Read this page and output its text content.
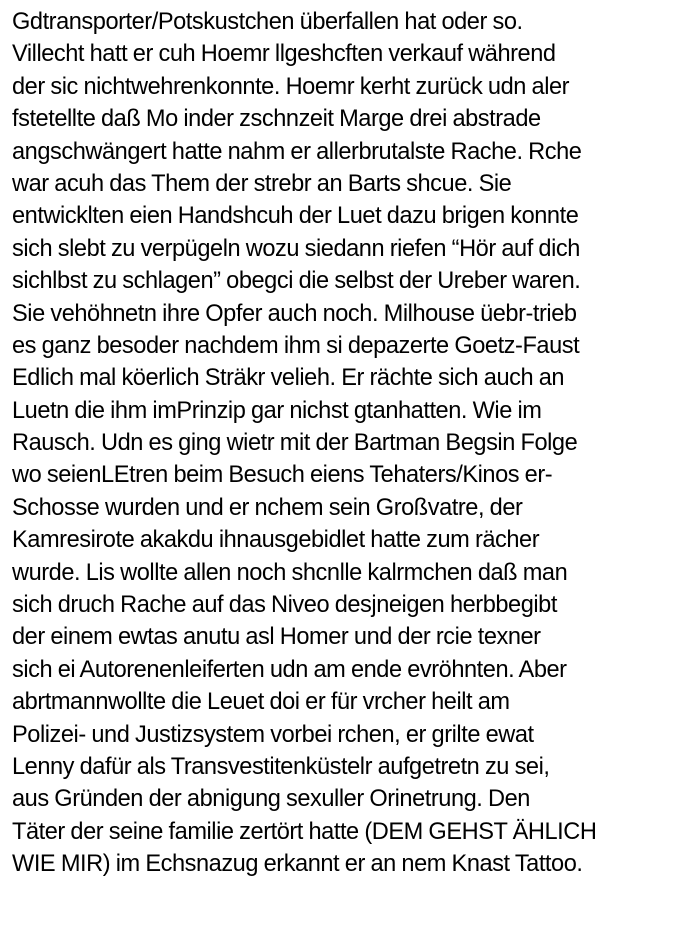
Gdtransporter/Potskustchen überfallen hat oder so.
Villecht hatt er cuh Hoemr llgeshcften verkauf während
der sic nichtwehrenkonnte. Hoemr kerht zurück udn aler
fstetellte daß Mo inder zschnzeit Marge drei abstrade
angschwängert hatte nahm er allerbrutalste Rache. Rche
war acuh das Them der strebr an Barts shcue. Sie
entwicklten eien Handshcuh der Luet dazu brigen konnte
sich slebt zu verpügeln wozu siedann riefen “Hör auf dich
sichlbst zu schlagen” obegci die selbst der Ureber waren.
Sie vehöhnetn ihre Opfer auch noch. Milhouse üebr-trieb
es ganz besoder nachdem ihm si depazerte Goetz-Faust
Edlich mal köerlich Sträkr velieh. Er rächte sich auch an
Luetn die ihm imPrinzip gar nichst gtanhatten. Wie im
Rausch. Udn es ging wietr mit der Bartman Begsin Folge
wo seienLEtren beim Besuch eiens Tehaters/Kinos er-
Schosse wurden und er nchem sein Großvatre, der
Kamresirote akakdu ihnausgebidlet hatte zum rächer
wurde. Lis wollte allen noch shcnlle kalrmchen daß man
sich druch Rache auf das Niveo desjneigen herbbegibt
der einem ewtas anutu asl Homer und der rcie texner
sich ei Autorenenleiferten udn am ende evröhnten. Aber
abrtmannwollte die Leuet doi er für vrcher heilt am
Polizei- und Justizsystem vorbei rchen, er grilte ewat
Lenny dafür als Transvestitenküstelr aufgetretn zu sei,
aus Gründen der abnigung sexuller Orinetrung. Den
Täter der seine familie zertört hatte (DEM GEHST ÄHLICH
WIE MIR) im Echsnazug erkannt er an nem Knast Tattoo.
